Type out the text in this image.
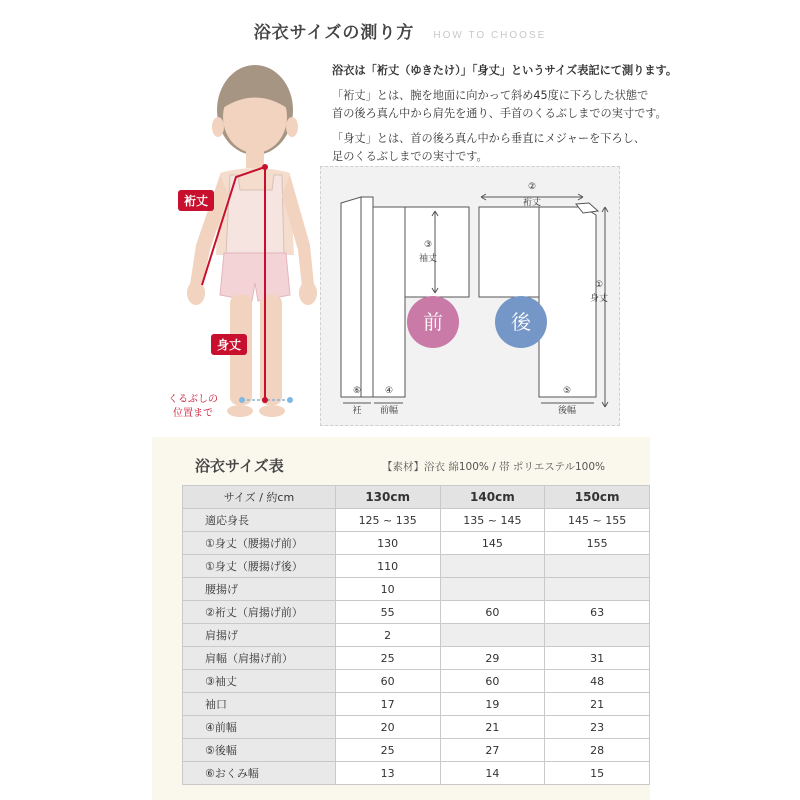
浴衣サイズの測り方 HOW TO CHOOSE
裄丈
身丈
くるぶしの
位置まで

浴衣は「裄丈（ゆきたけ）」「身丈」というサイズ表記にて測ります。

「裄丈」とは、腕を地面に向かって斜め45度に下ろした状態で
首の後ろ真ん中から肩先を通り、手首のくるぶしまでの実寸です。

「身丈」とは、首の後ろ真ん中から垂直にメジャーを下ろし、
足のくるぶしまでの実寸です。

前	後
②
裄丈
③
袖丈
①
身丈
⑥
衽
④
前幅
⑤
後幅
浴衣サイズ表	【素材】浴衣 綿100% / 帯 ポリエステル100%
サイズ / 約cm	130cm	140cm	150cm
適応身長	125 ~ 135	135 ~ 145	145 ~ 155
①身丈（腰揚げ前）	130	145	155
①身丈（腰揚げ後）	110		
腰揚げ	10		
②裄丈（肩揚げ前）	55	60	63
肩揚げ	2		
肩幅（肩揚げ前）	25	29	31
③袖丈	60	60	48
袖口	17	19	21
④前幅	20	21	23
⑤後幅	25	27	28
⑥おくみ幅	13	14	15
